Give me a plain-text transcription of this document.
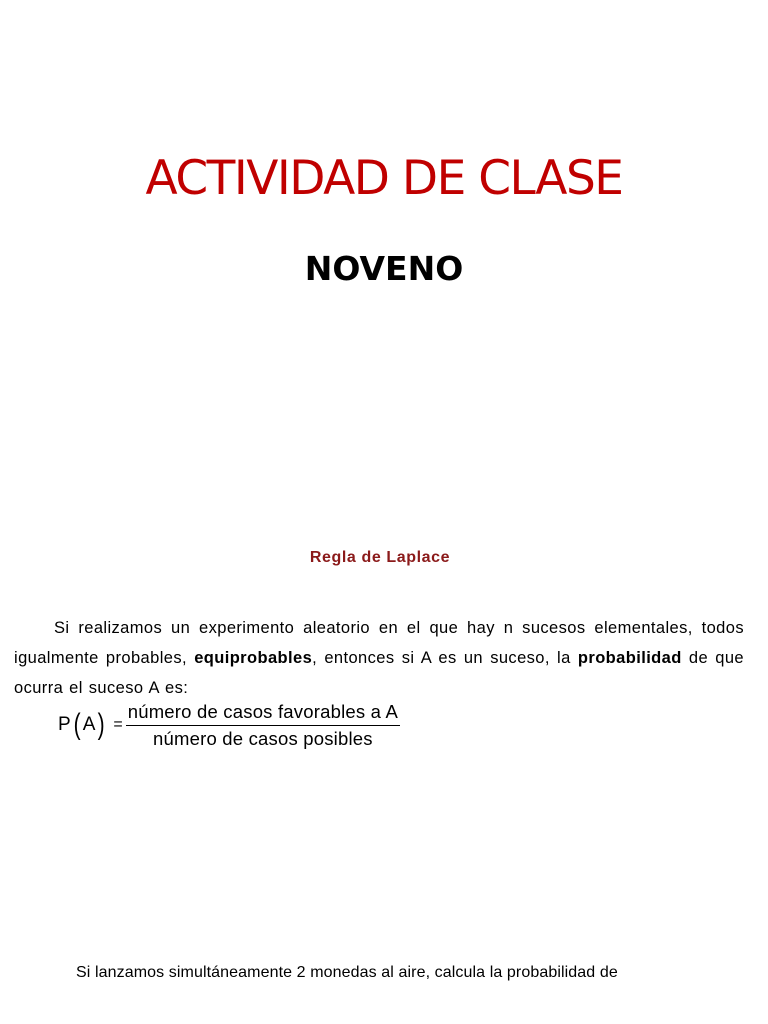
ACTIVIDAD DE CLASE
NOVENO
Regla de Laplace

Si realizamos un experimento aleatorio en el que hay n sucesos elementales, todos igualmente probables, equiprobables, entonces si A es un suceso, la probabilidad de que ocurra el suceso A es:

P ( A ) = $\frac{\text{número de casos favorables a A}}{\text{número de casos posibles}}$
Si lanzamos simultáneamente 2 monedas al aire, calcula la probabilidad de
